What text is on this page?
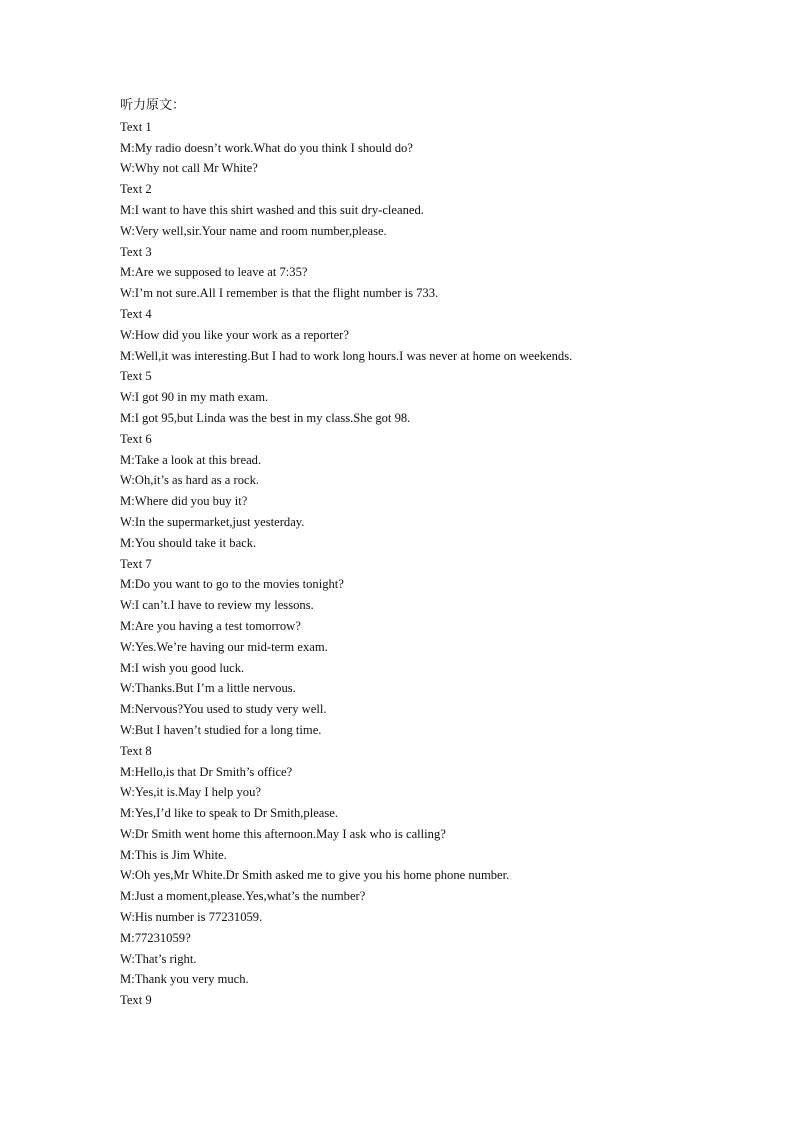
听力原文：
Text 1
M:My radio doesn’t work.What do you think I should do?
W:Why not call Mr White?
Text 2
M:I want to have this shirt washed and this suit dry-cleaned.
W:Very well,sir.Your name and room number,please.
Text 3
M:Are we supposed to leave at 7:35?
W:I’m not sure.All I remember is that the flight number is 733.
Text 4
W:How did you like your work as a reporter?
M:Well,it was interesting.But I had to work long hours.I was never at home on weekends.
Text 5
W:I got 90 in my math exam.
M:I got 95,but Linda was the best in my class.She got 98.
Text 6
M:Take a look at this bread.
W:Oh,it’s as hard as a rock.
M:Where did you buy it?
W:In the supermarket,just yesterday.
M:You should take it back.
Text 7
M:Do you want to go to the movies tonight?
W:I can’t.I have to review my lessons.
M:Are you having a test tomorrow?
W:Yes.We’re having our mid-term exam.
M:I wish you good luck.
W:Thanks.But I’m a little nervous.
M:Nervous?You used to study very well.
W:But I haven’t studied for a long time.
Text 8
M:Hello,is that Dr Smith’s office?
W:Yes,it is.May I help you?
M:Yes,I’d like to speak to Dr Smith,please.
W:Dr Smith went home this afternoon.May I ask who is calling?
M:This is Jim White.
W:Oh yes,Mr White.Dr Smith asked me to give you his home phone number.
M:Just a moment,please.Yes,what’s the number?
W:His number is 77231059.
M:77231059?
W:That’s right.
M:Thank you very much.
Text 9
